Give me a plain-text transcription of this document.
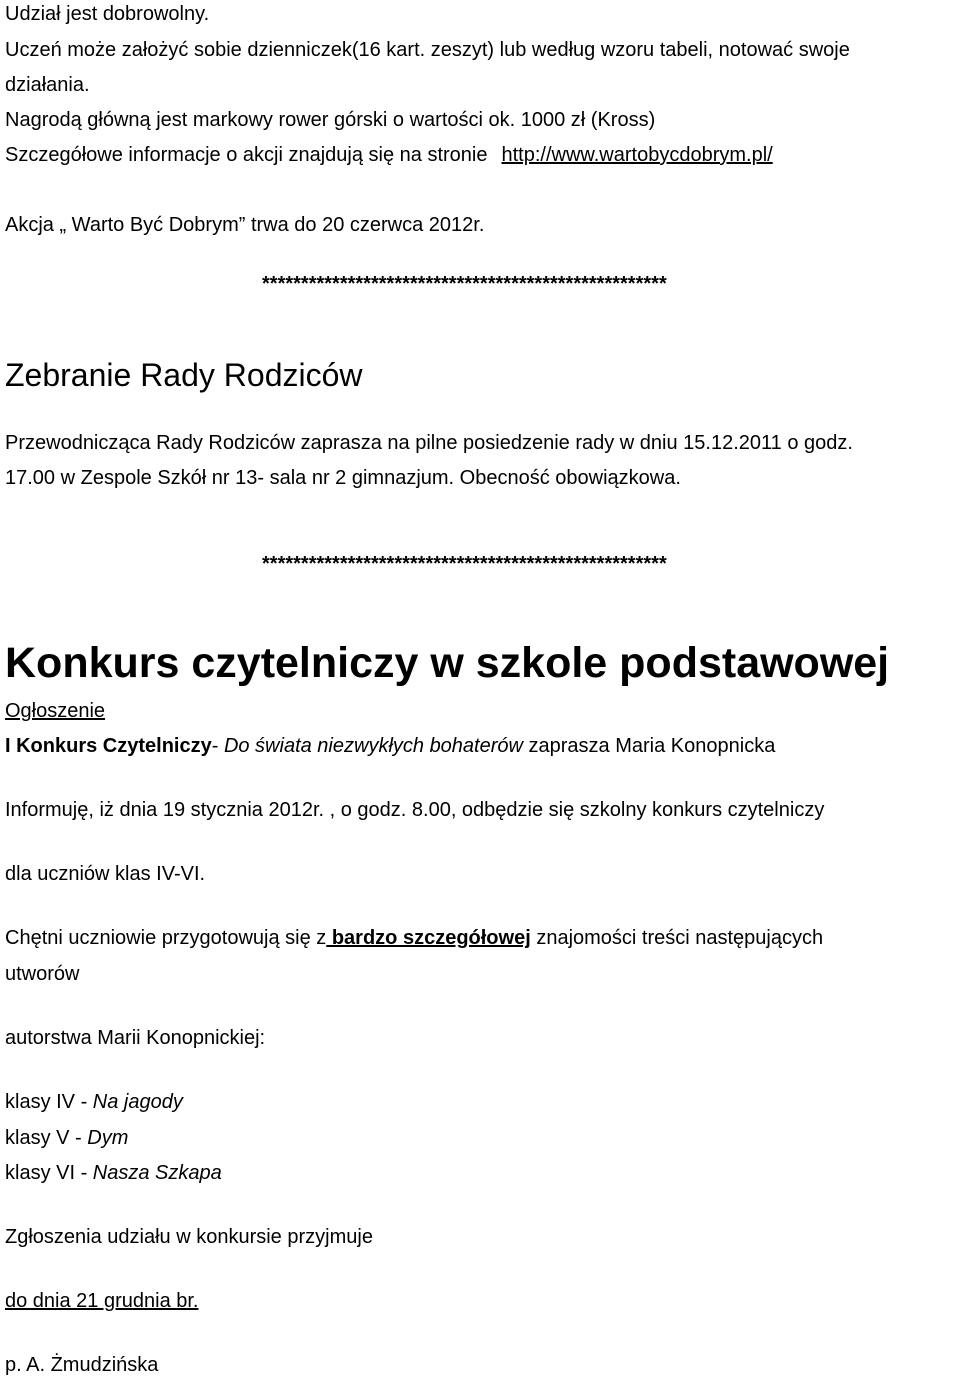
Udział jest dobrowolny.
Uczeń może założyć sobie dzienniczek(16 kart. zeszyt) lub według wzoru tabeli, notować swoje
działania.
Nagrodą główną jest markowy rower górski o wartości ok. 1000 zł (Kross)
Szczegółowe informacje o akcji znajdują się na stronie http://www.wartobycdobrym.pl/
Akcja „ Warto Być Dobrym” trwa do 20 czerwca 2012r.
****************************************************
Zebranie Rady Rodziców
Przewodnicząca Rady Rodziców zaprasza na pilne posiedzenie rady w dniu 15.12.2011 o godz.
17.00 w Zespole Szkół nr 13- sala nr 2 gimnazjum. Obecność obowiązkowa.
****************************************************
Konkurs czytelniczy w szkole podstawowej
Ogłoszenie
I Konkurs Czytelniczy- Do świata niezwykłych bohaterów zaprasza Maria Konopnicka
Informuję, iż dnia 19 stycznia 2012r. , o godz. 8.00, odbędzie się szkolny konkurs czytelniczy
dla uczniów klas IV-VI.
Chętni uczniowie przygotowują się z bardzo szczegółowej znajomości treści następujących
utworów
autorstwa Marii Konopnickiej:
klasy IV - Na jagody
klasy V - Dym
klasy VI - Nasza Szkapa
Zgłoszenia udziału w konkursie przyjmuje
do dnia 21 grudnia br.
p. A. Żmudzińska
